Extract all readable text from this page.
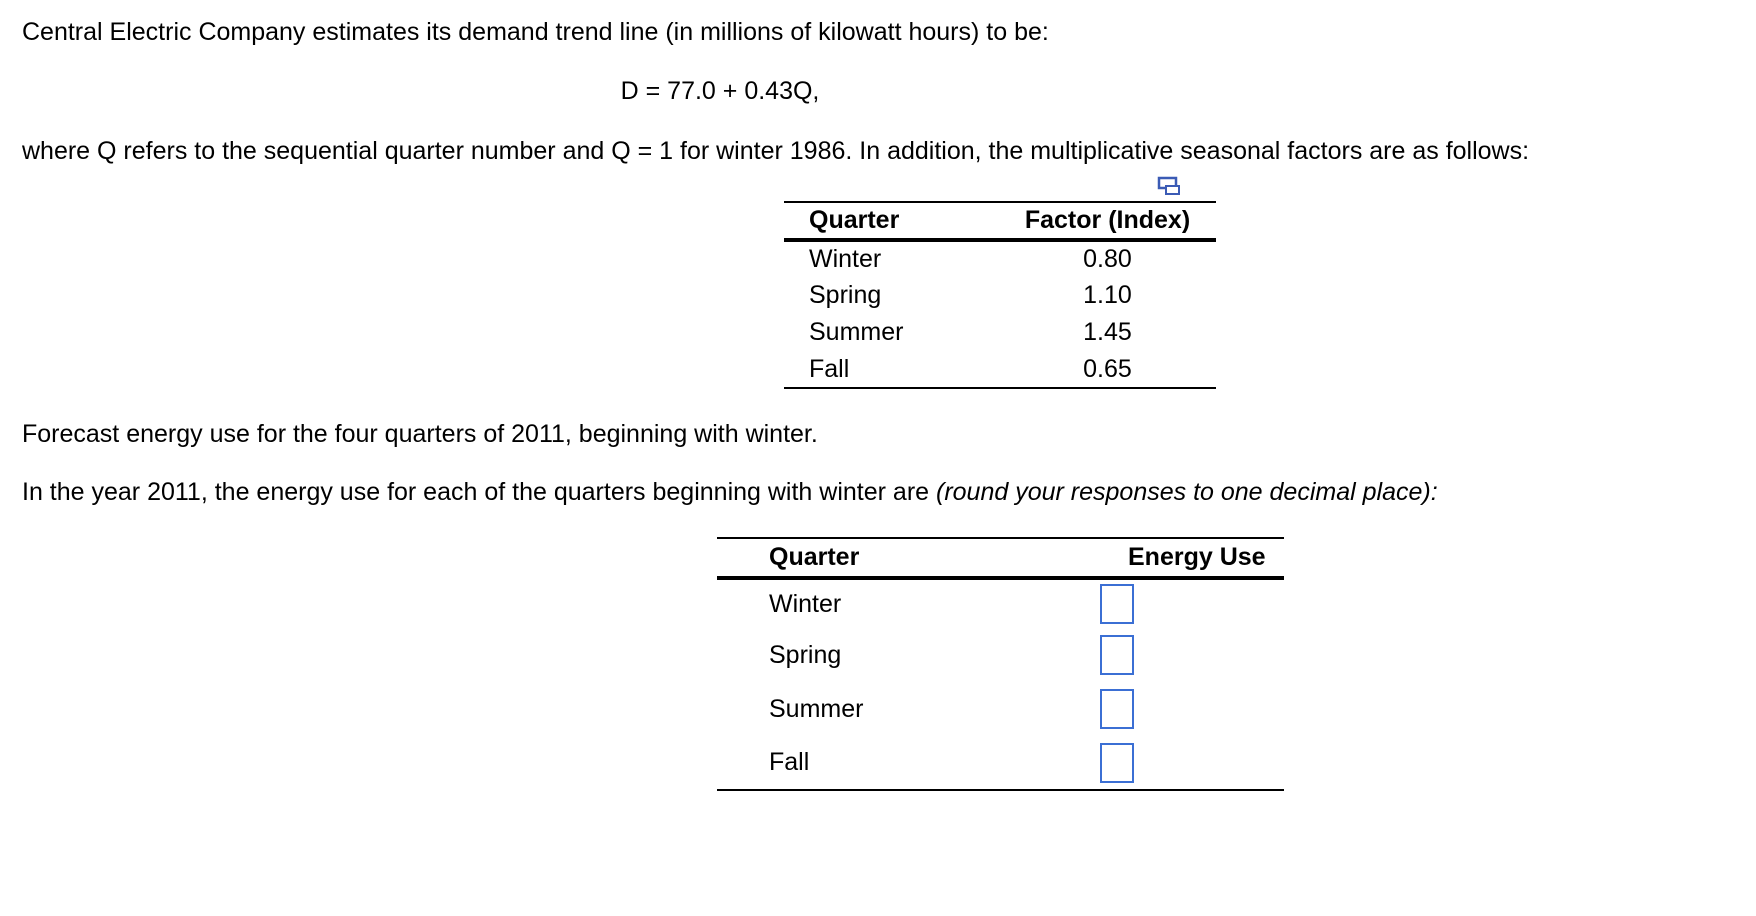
Central Electric Company estimates its demand trend line (in millions of kilowatt hours) to be:

D = 77.0 + 0.43Q,

where Q refers to the sequential quarter number and Q = 1 for winter 1986. In addition, the multiplicative seasonal factors are as follows:

Quarter	Factor (Index)
Winter	0.80
Spring	1.10
Summer	1.45
Fall	0.65

Forecast energy use for the four quarters of 2011, beginning with winter.

In the year 2011, the energy use for each of the quarters beginning with winter are (round your responses to one decimal place):

Quarter	Energy Use
Winter	

Spring	

Summer	

Fall	
